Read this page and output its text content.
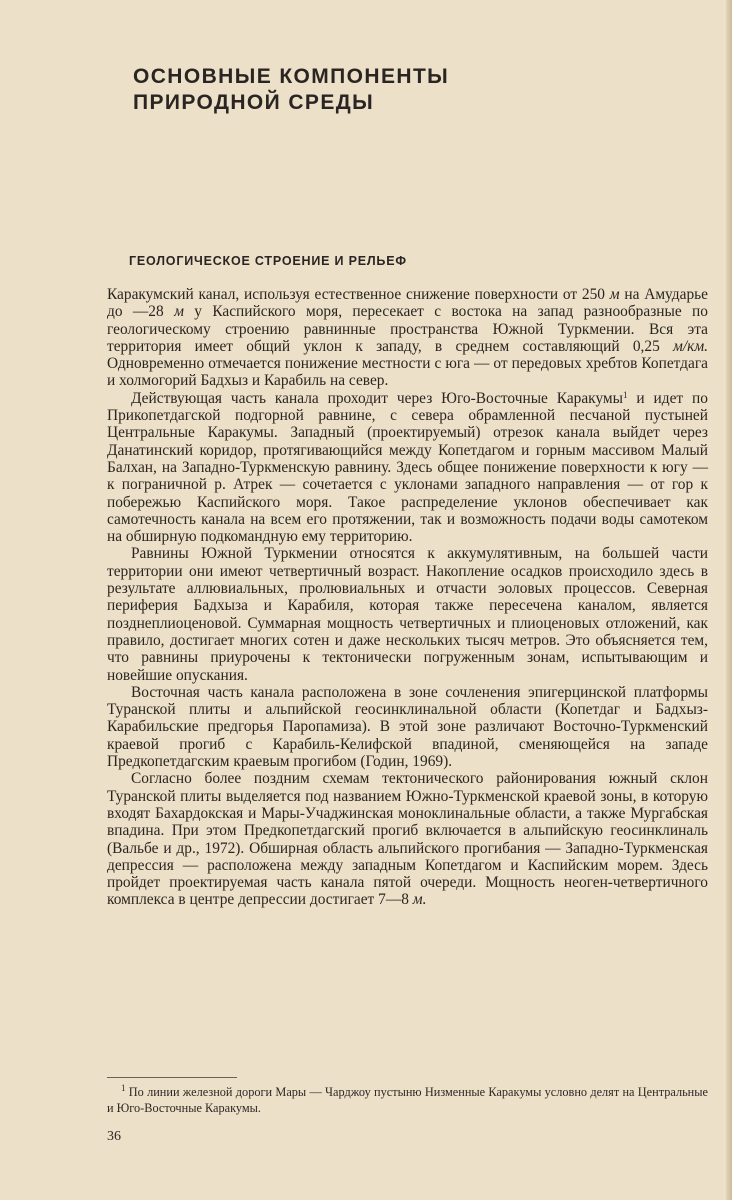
ОСНОВНЫЕ КОМПОНЕНТЫ
ПРИРОДНОЙ СРЕДЫ
ГЕОЛОГИЧЕСКОЕ СТРОЕНИЕ И РЕЛЬЕФ

Каракумский канал, используя естественное снижение поверхности от 250 м на Амударье до —28 м у Каспийского моря, пересекает с востока на запад разнообразные по геологическому строению равнинные пространства Южной Туркмении. Вся эта территория имеет общий уклон к западу, в среднем составляющий 0,25 м/км. Одновременно отмечается понижение местности с юга — от передовых хребтов Копетдага и холмогорий Бадхыз и Карабиль на север.

Действующая часть канала проходит через Юго-Восточные Каракумы$^1$ и идет по Прикопетдагской подгорной равнине, с севера обрамленной песчаной пустыней Центральные Каракумы. Западный (проектируемый) отрезок канала выйдет через Данатинский коридор, протягивающийся между Копетдагом и горным массивом Малый Балхан, на Западно-Туркменскую равнину. Здесь общее понижение поверхности к югу — к пограничной р. Атрек — сочетается с уклонами западного направления — от гор к побережью Каспийского моря. Такое распределение уклонов обеспечивает как самотечность канала на всем его протяжении, так и возможность подачи воды самотеком на обширную подкомандную ему территорию.

Равнины Южной Туркмении относятся к аккумулятивным, на большей части территории они имеют четвертичный возраст. Накопление осадков происходило здесь в результате аллювиальных, пролювиальных и отчасти эоловых процессов. Северная периферия Бадхыза и Карабиля, которая также пересечена каналом, является позднеплиоценовой. Суммарная мощность четвертичных и плиоценовых отложений, как правило, достигает многих сотен и даже нескольких тысяч метров. Это объясняется тем, что равнины приурочены к тектонически погруженным зонам, испытывающим и новейшие опускания.

Восточная часть канала расположена в зоне сочленения эпигерцинской платформы Туранской плиты и альпийской геосинклинальной области (Копетдаг и Бадхыз-Карабильские предгорья Паропамиза). В этой зоне различают Восточно-Туркменский краевой прогиб с Карабиль-Келифской впадиной, сменяющейся на западе Предкопетдагским краевым прогибом (Годин, 1969).

Согласно более поздним схемам тектонического районирования южный склон Туранской плиты выделяется под названием Южно-Туркменской краевой зоны, в которую входят Бахардокская и Мары-Учаджинская моноклинальные области, а также Мургабская впадина. При этом Предкопетдагский прогиб включается в альпийскую геосинклиналь (Вальбе и др., 1972). Обширная область альпийского прогибания — Западно-Туркменская депрессия — расположена между западным Копетдагом и Каспийским морем. Здесь пройдет проектируемая часть канала пятой очереди. Мощность неоген-четвертичного комплекса в центре депрессии достигает 7—8 м.

$^1$ По линии железной дороги Мары — Чарджоу пустыню Низменные Каракумы условно делят на Центральные и Юго-Восточные Каракумы.
36
